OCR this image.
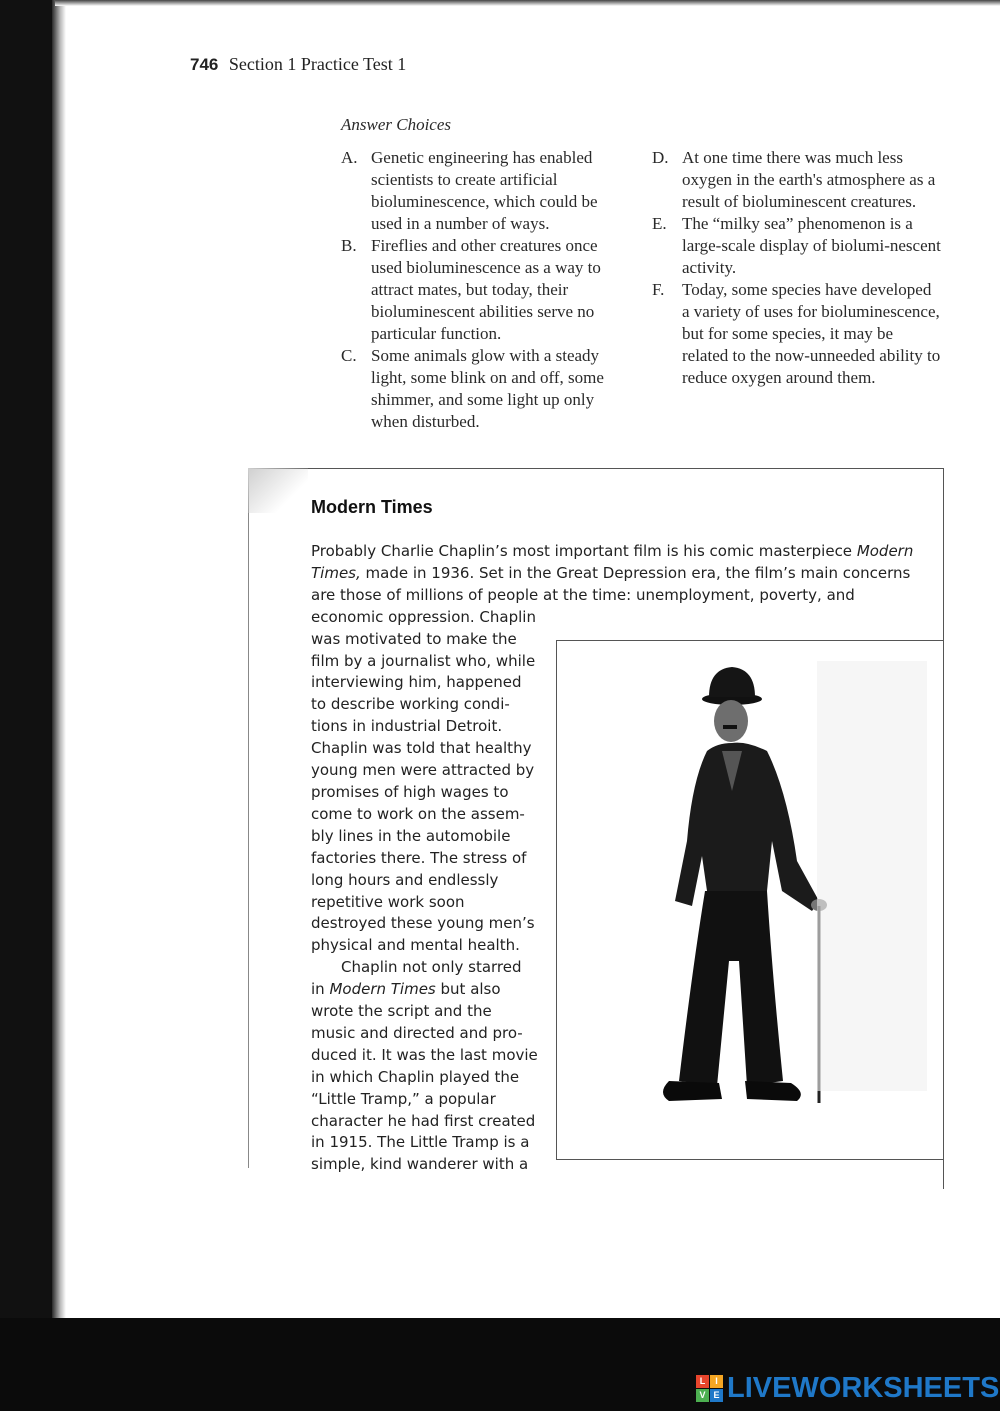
746 Section 1 Practice Test 1
Answer Choices
A. Genetic engineering has enabled scientists to create artificial bioluminescence, which could be used in a number of ways.
B. Fireflies and other creatures once used bioluminescence as a way to attract mates, but today, their bioluminescent abilities serve no particular function.
C. Some animals glow with a steady light, some blink on and off, some shimmer, and some light up only when disturbed.
D. At one time there was much less oxygen in the earth's atmosphere as a result of bioluminescent creatures.
E. The “milky sea” phenomenon is a large-scale display of biolumi-nescent activity.
F.	Today, some species have developed a variety of uses for bioluminescence, but for some species, it may be related to the now-unneeded ability to reduce oxygen around them.
Modern Times
Probably Charlie Chaplin’s most important film is his comic masterpiece Modern
Times, made in 1936. Set in the Great Depression era, the film’s main concerns
are those of millions of people at the time: unemployment, poverty, and
economic oppression. Chaplin
was motivated to make the
film by a journalist who, while
interviewing him, happened
to describe working condi-
tions in industrial Detroit.
Chaplin was told that healthy
young men were attracted by
promises of high wages to
come to work on the assem-
bly lines in the automobile
factories there. The stress of
long hours and endlessly
repetitive work soon
destroyed these young men’s
physical and mental health.
Chaplin not only starred
in Modern Times but also
wrote the script and the
music and directed and pro-
duced it. It was the last movie
in which Chaplin played the
“Little Tramp,” a popular
character he had first created
in 1915. The Little Tramp is a
simple, kind wanderer with a
L	I
V E LIVEWORKSHEETS
